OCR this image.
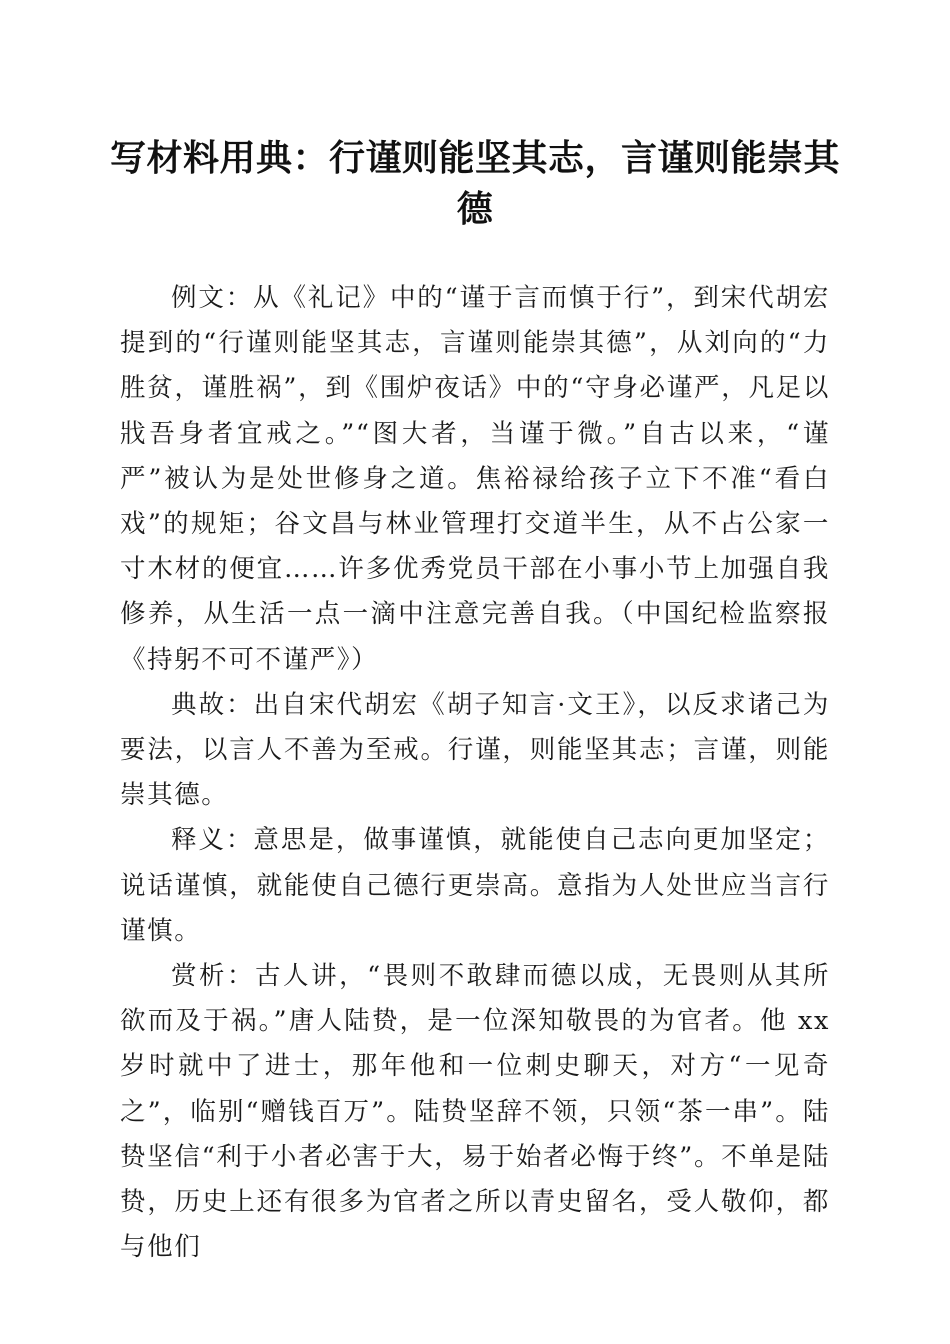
写材料用典：行谨则能坚其志，言谨则能崇其德

例文：从《礼记》中的“谨于言而慎于行”，到宋代胡宏提到的“行谨则能坚其志，言谨则能崇其德”，从刘向的“力胜贫，谨胜祸”，到《围炉夜话》中的“守身必谨严，凡足以戕吾身者宜戒之。”“图大者，当谨于微。”自古以来，“谨严”被认为是处世修身之道。焦裕禄给孩子立下不准“看白戏”的规矩；谷文昌与林业管理打交道半生，从不占公家一寸木材的便宜……许多优秀党员干部在小事小节上加强自我修养，从生活一点一滴中注意完善自我。（中国纪检监察报《持躬不可不谨严》）

典故：出自宋代胡宏《胡子知言·文王》，以反求诸己为要法，以言人不善为至戒。行谨，则能坚其志；言谨，则能崇其德。

释义：意思是，做事谨慎，就能使自己志向更加坚定；说话谨慎，就能使自己德行更崇高。意指为人处世应当言行谨慎。

赏析：古人讲，“畏则不敢肆而德以成，无畏则从其所欲而及于祸。”唐人陆贽，是一位深知敬畏的为官者。他 xx 岁时就中了进士，那年他和一位刺史聊天，对方“一见奇之”，临别“赠钱百万”。陆贽坚辞不领，只领“茶一串”。陆贽坚信“利于小者必害于大，易于始者必悔于终”。不单是陆贽，历史上还有很多为官者之所以青史留名，受人敬仰，都与他们
